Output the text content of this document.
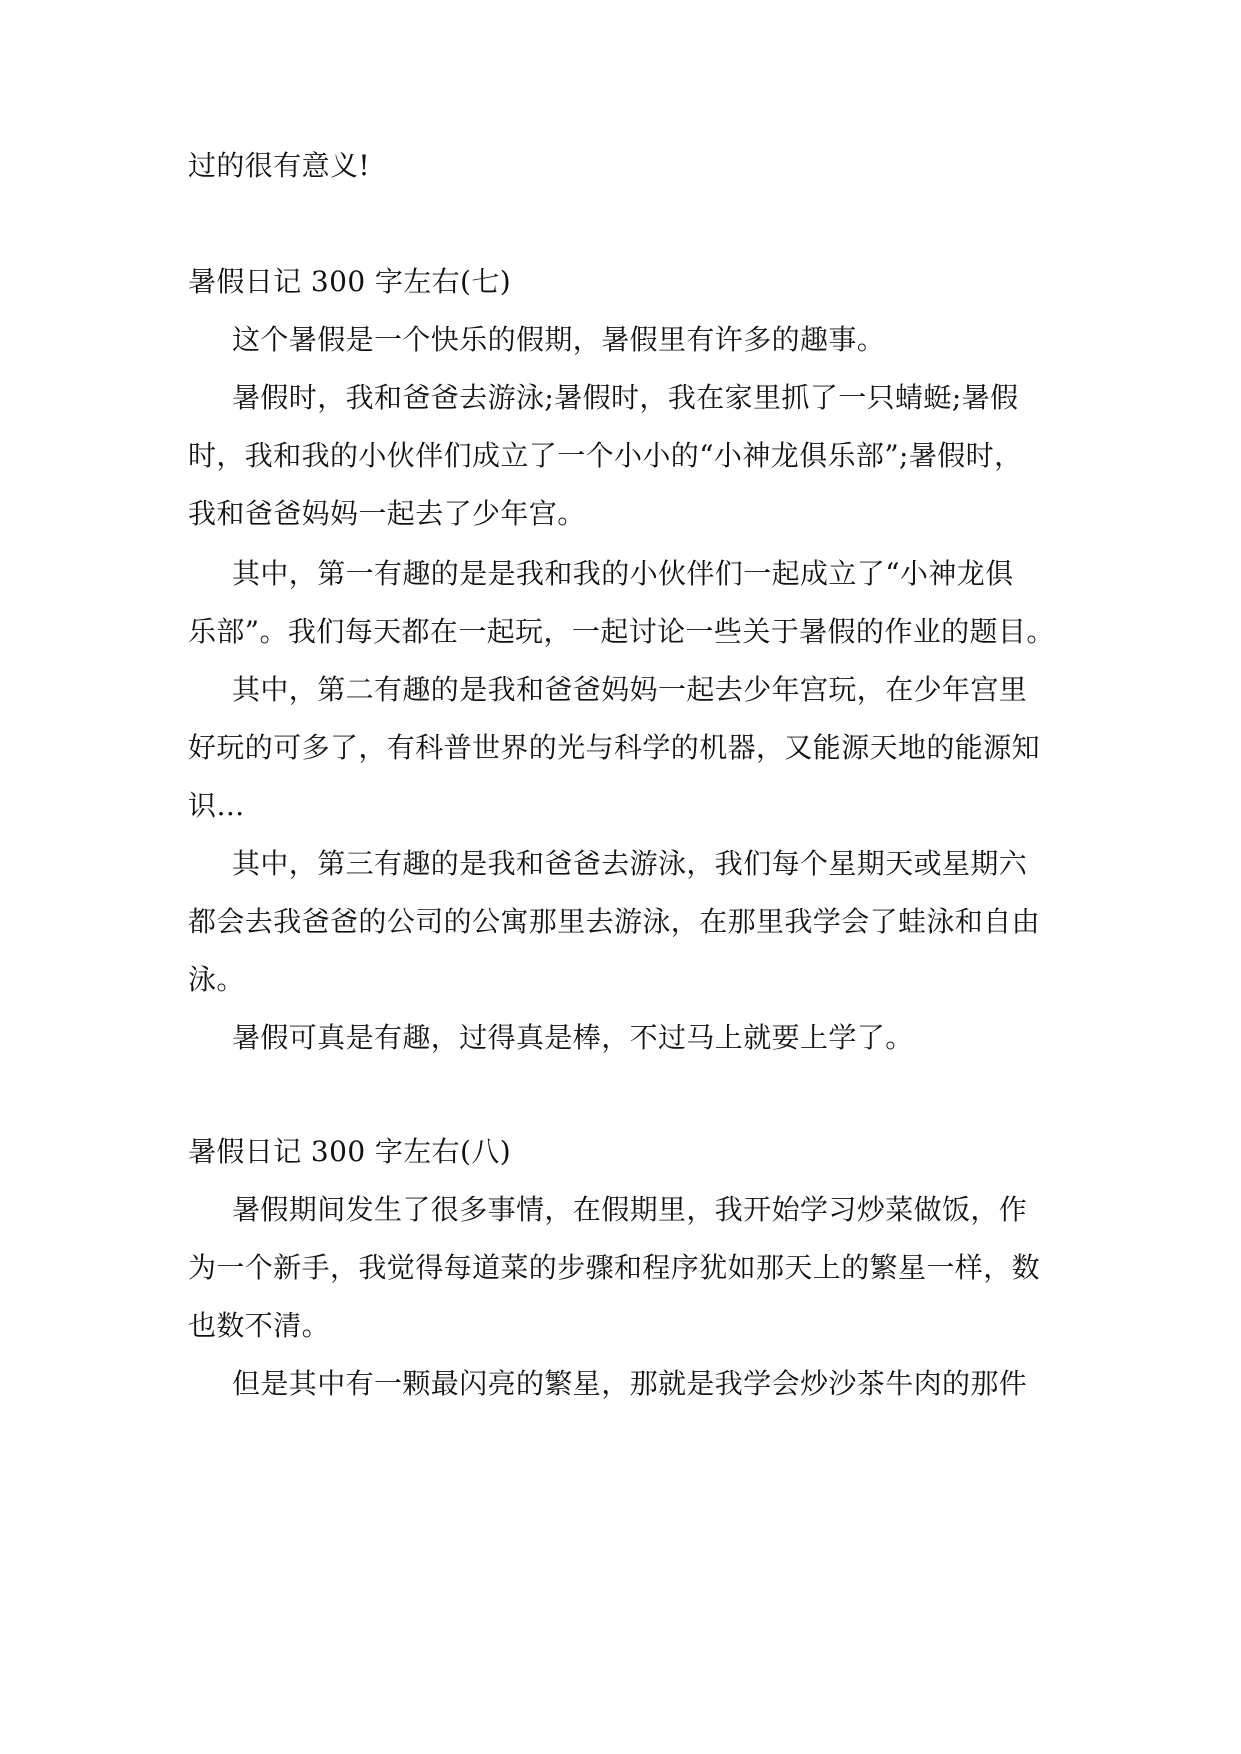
过的很有意义!
暑假日记 300 字左右(七)
这个暑假是一个快乐的假期，暑假里有许多的趣事。
暑假时，我和爸爸去游泳;暑假时，我在家里抓了一只蜻蜓;暑假
时，我和我的小伙伴们成立了一个小小的“小神龙俱乐部”;暑假时，
我和爸爸妈妈一起去了少年宫。
其中，第一有趣的是是我和我的小伙伴们一起成立了“小神龙俱
乐部”。我们每天都在一起玩，一起讨论一些关于暑假的作业的题目。
其中，第二有趣的是我和爸爸妈妈一起去少年宫玩，在少年宫里
好玩的可多了，有科普世界的光与科学的机器，又能源天地的能源知
识…
其中，第三有趣的是我和爸爸去游泳，我们每个星期天或星期六
都会去我爸爸的公司的公寓那里去游泳，在那里我学会了蛙泳和自由
泳。
暑假可真是有趣，过得真是棒，不过马上就要上学了。
暑假日记 300 字左右(八)
暑假期间发生了很多事情，在假期里，我开始学习炒菜做饭，作
为一个新手，我觉得每道菜的步骤和程序犹如那天上的繁星一样，数
也数不清。
但是其中有一颗最闪亮的繁星，那就是我学会炒沙茶牛肉的那件
